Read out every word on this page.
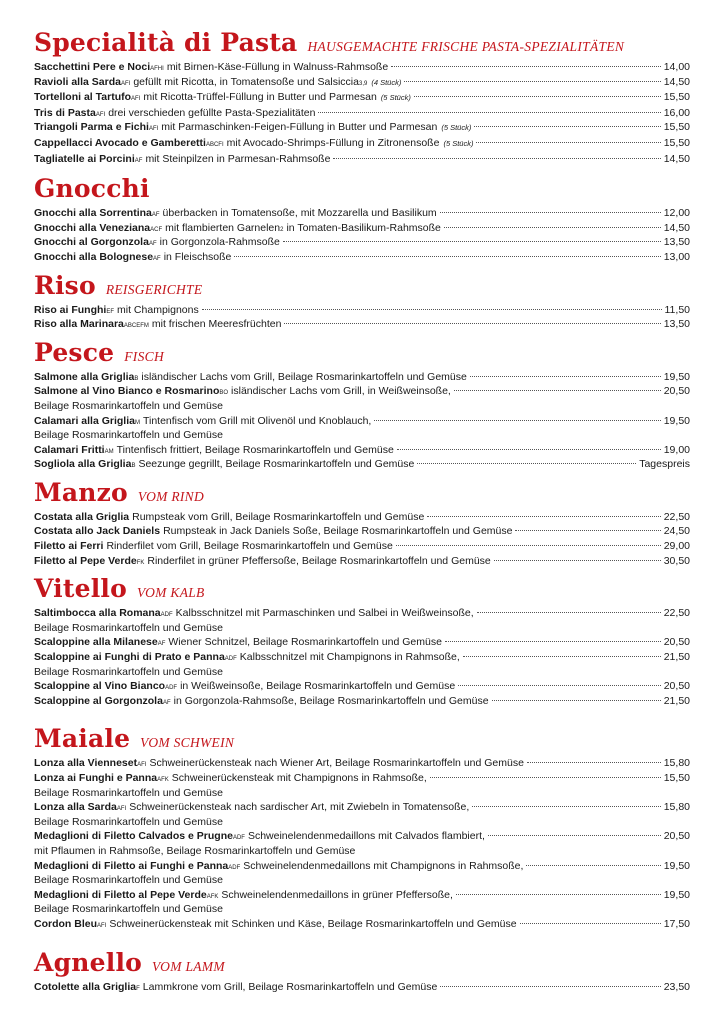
Specialità di Pasta HAUSGEMACHTE FRISCHE PASTA-SPEZIALITÄTEN
Sacchettini Pere e Noci AFHI mit Birnen-Käse-Füllung in Walnuss-Rahmsoße	14,00
Ravioli alla Sarda AFI gefüllt mit Ricotta, in Tomatensoße und Salsiccia 3,9 (4 Stück)	14,50
Tortelloni al Tartufo AFI mit Ricotta-Trüffel-Füllung in Butter und Parmesan (5 Stück)	15,50
Tris di Pasta AFI drei verschieden gefüllte Pasta-Spezialitäten	16,00
Triangoli Parma e Fichi AFI mit Parmaschinken-Feigen-Füllung in Butter und Parmesan (5 Stück)	15,50
Cappellacci Avocado e Gamberetti ABCFI mit Avocado-Shrimps-Füllung in Zitronensoße (5 Stück)	15,50
Tagliatelle ai Porcini AF mit Steinpilzen in Parmesan-Rahmsoße	14,50
Gnocchi
Gnocchi alla Sorrentina AF überbacken in Tomatensoße, mit Mozzarella und Basilikum	12,00
Gnocchi alla Veneziana ACF mit flambierten Garnelen 2 in Tomaten-Basilikum-Rahmsoße	14,50
Gnocchi al Gorgonzola AF in Gorgonzola-Rahmsoße	13,50
Gnocchi alla Bolognese AF in Fleischsoße	13,00
Riso REISGERICHTE
Riso ai Funghi EF mit Champignons	11,50
Riso alla Marinara ABCEFM mit frischen Meeresfrüchten	13,50
Pesce FISCH
Salmone alla Griglia B isländischer Lachs vom Grill, Beilage Rosmarinkartoffeln und Gemüse	19,50
Salmone al Vino Bianco e Rosmarino BO isländischer Lachs vom Grill, in Weißweinsoße,	20,50
Beilage Rosmarinkartoffeln und Gemüse
Calamari alla Griglia M Tintenfisch vom Grill mit Olivenöl und Knoblauch,	19,50
Beilage Rosmarinkartoffeln und Gemüse
Calamari Fritti AM Tintenfisch frittiert, Beilage Rosmarinkartoffeln und Gemüse	19,00
Sogliola alla Griglia B Seezunge gegrillt, Beilage Rosmarinkartoffeln und Gemüse	Tagespreis
Manzo VOM RIND
Costata alla Griglia Rumpsteak vom Grill, Beilage Rosmarinkartoffeln und Gemüse	22,50
Costata allo Jack Daniels Rumpsteak in Jack Daniels Soße, Beilage Rosmarinkartoffeln und Gemüse	24,50
Filetto ai Ferri Rinderfilet vom Grill, Beilage Rosmarinkartoffeln und Gemüse	29,00
Filetto al Pepe Verde FK Rinderfilet in grüner Pfeffersoße, Beilage Rosmarinkartoffeln und Gemüse	30,50
Vitello VOM KALB
Saltimbocca alla Romana ADF Kalbsschnitzel mit Parmaschinken und Salbei in Weißweinsoße,	22,50
Beilage Rosmarinkartoffeln und Gemüse
Scaloppine alla Milanese AF Wiener Schnitzel, Beilage Rosmarinkartoffeln und Gemüse	20,50
Scaloppine ai Funghi di Prato e Panna ADF Kalbsschnitzel mit Champignons in Rahmsoße,	21,50
Beilage Rosmarinkartoffeln und Gemüse
Scaloppine al Vino Bianco ADF in Weißweinsoße, Beilage Rosmarinkartoffeln und Gemüse	20,50
Scaloppine al Gorgonzola AF in Gorgonzola-Rahmsoße, Beilage Rosmarinkartoffeln und Gemüse	21,50
Maiale VOM SCHWEIN
Lonza alla Vienneset AFI Schweinerückensteak nach Wiener Art, Beilage Rosmarinkartoffeln und Gemüse	15,80
Lonza ai Funghi e Panna AFK Schweinerückensteak mit Champignons in Rahmsoße,	15,50
Beilage Rosmarinkartoffeln und Gemüse
Lonza alla Sarda AFI Schweinerückensteak nach sardischer Art, mit Zwiebeln in Tomatensoße,	15,80
Beilage Rosmarinkartoffeln und Gemüse
Medaglioni di Filetto Calvados e Prugne ADF Schweinelendenmedaillons mit Calvados flambiert,	20,50
mit Pflaumen in Rahmsoße, Beilage Rosmarinkartoffeln und Gemüse
Medaglioni di Filetto ai Funghi e Panna ADF Schweinelendenmedaillons mit Champignons in Rahmsoße,	19,50
Beilage Rosmarinkartoffeln und Gemüse
Medaglioni di Filetto al Pepe Verde AFK Schweinelendenmedaillons in grüner Pfeffersoße,	19,50
Beilage Rosmarinkartoffeln und Gemüse
Cordon Bleu AFI Schweinerückensteak mit Schinken und Käse, Beilage Rosmarinkartoffeln und Gemüse	17,50
Agnello VOM LAMM
Cotolette alla Griglia F Lammkrone vom Grill, Beilage Rosmarinkartoffeln und Gemüse	23,50
